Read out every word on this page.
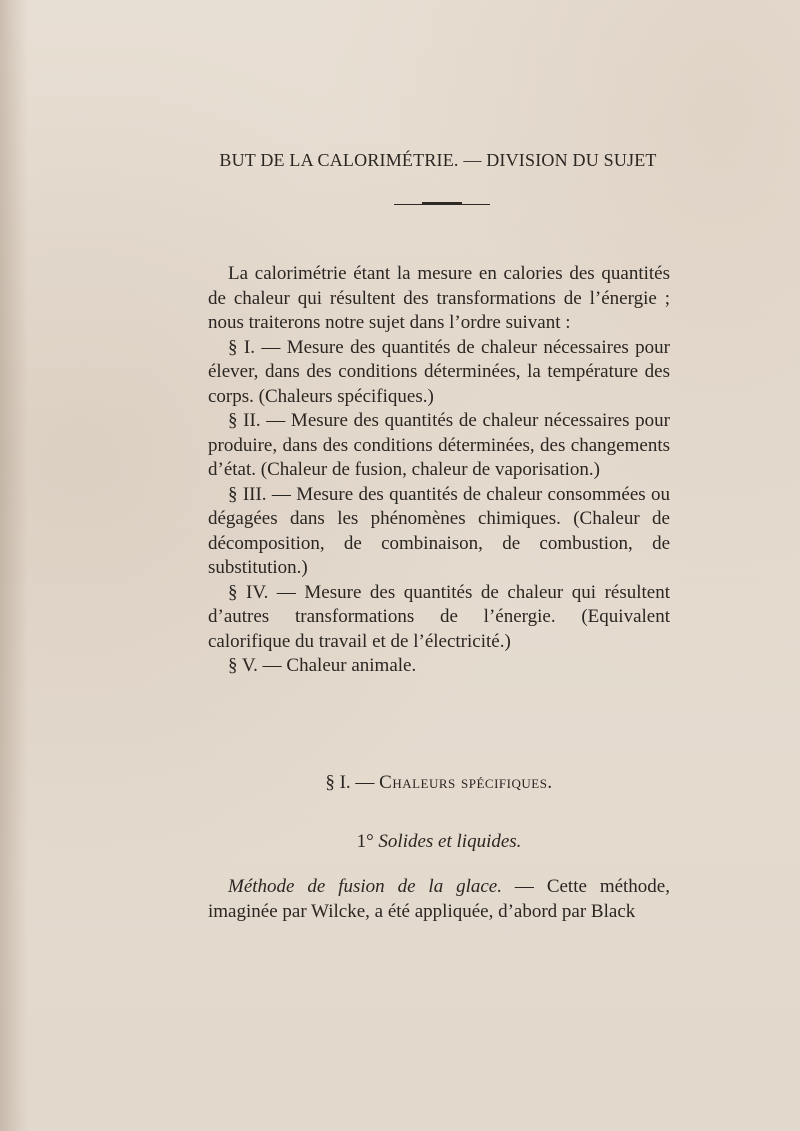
BUT DE LA CALORIMÉTRIE. — DIVISION DU SUJET

La calorimétrie étant la mesure en calories des quantités de chaleur qui résultent des transformations de l’énergie ; nous traiterons notre sujet dans l’ordre suivant :

§ I. — Mesure des quantités de chaleur nécessaires pour élever, dans des conditions déterminées, la température des corps. (Chaleurs spécifiques.)

§ II. — Mesure des quantités de chaleur nécessaires pour produire, dans des conditions déterminées, des changements d’état. (Chaleur de fusion, chaleur de vaporisation.)

§ III. — Mesure des quantités de chaleur consommées ou dégagées dans les phénomènes chimiques. (Chaleur de décomposition, de combinaison, de combustion, de substitution.)

§ IV. — Mesure des quantités de chaleur qui résultent d’autres transformations de l’énergie. (Equivalent calorifique du travail et de l’électricité.)

§ V. — Chaleur animale.

§ I. — Chaleurs spécifiques.
1° Solides et liquides.

Méthode de fusion de la glace. — Cette méthode, imaginée par Wilcke, a été appliquée, d’abord par Black
